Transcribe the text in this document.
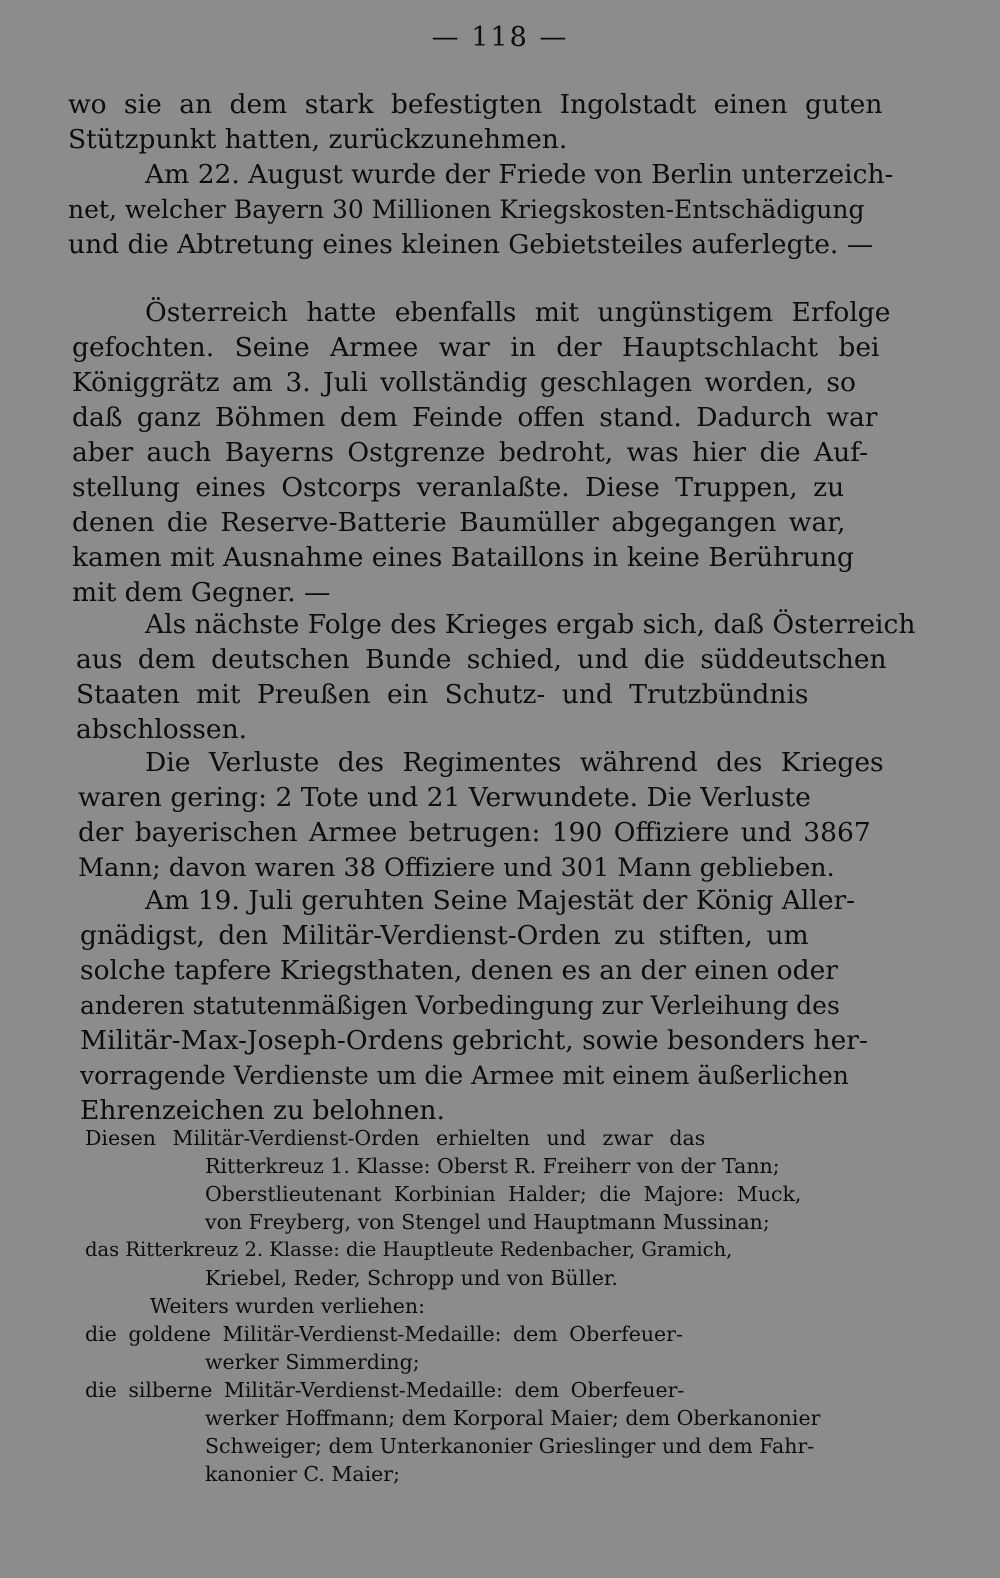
— 118 —
wo sie an dem stark befestigten Ingolstadt einen guten
Stützpunkt hatten, zurückzunehmen.
Am 22. August wurde der Friede von Berlin unterzeich-
net, welcher Bayern 30 Millionen Kriegskosten-Entschädigung
und die Abtretung eines kleinen Gebietsteiles auferlegte. —
Österreich hatte ebenfalls mit ungünstigem Erfolge
gefochten. Seine Armee war in der Hauptschlacht bei
Königgrätz am 3. Juli vollständig geschlagen worden, so
daß ganz Böhmen dem Feinde offen stand. Dadurch war
aber auch Bayerns Ostgrenze bedroht, was hier die Auf-
stellung eines Ostcorps veranlaßte. Diese Truppen, zu
denen die Reserve-Batterie Baumüller abgegangen war,
kamen mit Ausnahme eines Bataillons in keine Berührung
mit dem Gegner. —
Als nächste Folge des Krieges ergab sich, daß Österreich
aus dem deutschen Bunde schied, und die süddeutschen
Staaten mit Preußen ein Schutz- und Trutzbündnis
abschlossen.
Die Verluste des Regimentes während des Krieges
waren gering: 2 Tote und 21 Verwundete. Die Verluste
der bayerischen Armee betrugen: 190 Offiziere und 3867
Mann; davon waren 38 Offiziere und 301 Mann geblieben.
Am 19. Juli geruhten Seine Majestät der König Aller-
gnädigst, den Militär-Verdienst-Orden zu stiften, um
solche tapfere Kriegsthaten, denen es an der einen oder
anderen statutenmäßigen Vorbedingung zur Verleihung des
Militär-Max-Joseph-Ordens gebricht, sowie besonders her-
vorragende Verdienste um die Armee mit einem äußerlichen
Ehrenzeichen zu belohnen.
Diesen Militär-Verdienst-Orden erhielten und zwar das
Ritterkreuz 1. Klasse: Oberst R. Freiherr von der Tann;
Oberstlieutenant Korbinian Halder; die Majore: Muck,
von Freyberg, von Stengel und Hauptmann Mussinan;
das Ritterkreuz 2. Klasse: die Hauptleute Redenbacher, Gramich,
Kriebel, Reder, Schropp und von Büller.
Weiters wurden verliehen:
die goldene Militär-Verdienst-Medaille: dem Oberfeuer-
werker Simmerding;
die silberne Militär-Verdienst-Medaille: dem Oberfeuer-
werker Hoffmann; dem Korporal Maier; dem Oberkanonier
Schweiger; dem Unterkanonier Grieslinger und dem Fahr-
kanonier C. Maier;
